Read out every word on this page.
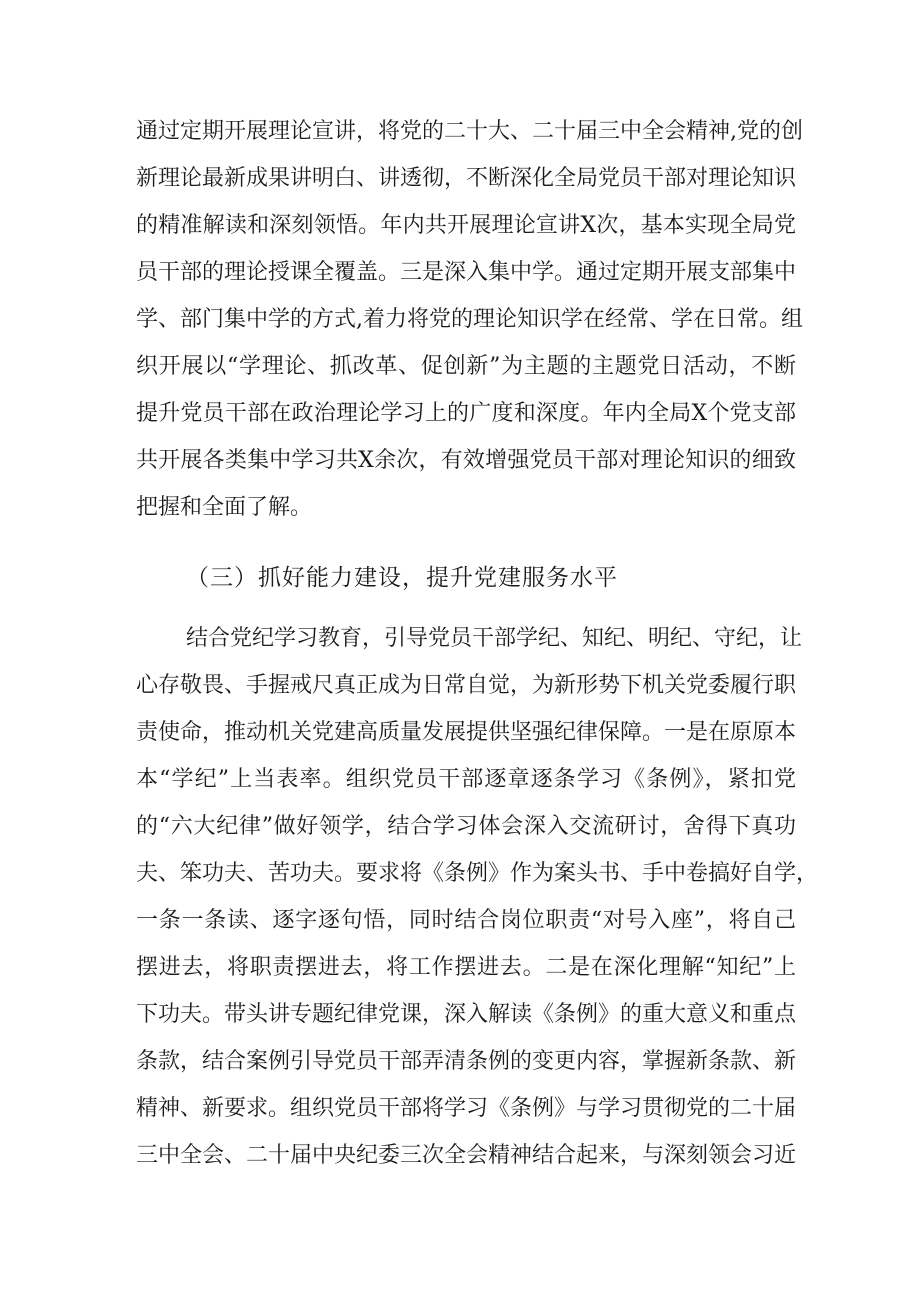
通过定期开展理论宣讲，将党的二十大、二十届三中全会精神,党的创
新理论最新成果讲明白、讲透彻，不断深化全局党员干部对理论知识
的精准解读和深刻领悟。年内共开展理论宣讲X次，基本实现全局党
员干部的理论授课全覆盖。三是深入集中学。通过定期开展支部集中
学、部门集中学的方式,着力将党的理论知识学在经常、学在日常。组
织开展以“学理论、抓改革、促创新”为主题的主题党日活动，不断
提升党员干部在政治理论学习上的广度和深度。年内全局X个党支部
共开展各类集中学习共X余次，有效增强党员干部对理论知识的细致
把握和全面了解。
（三）抓好能力建设，提升党建服务水平
结合党纪学习教育，引导党员干部学纪、知纪、明纪、守纪，让
心存敬畏、手握戒尺真正成为日常自觉，为新形势下机关党委履行职
责使命，推动机关党建高质量发展提供坚强纪律保障。一是在原原本
本“学纪”上当表率。组织党员干部逐章逐条学习《条例》，紧扣党
的“六大纪律”做好领学，结合学习体会深入交流研讨，舍得下真功
夫、笨功夫、苦功夫。要求将《条例》作为案头书、手中卷搞好自学，
一条一条读、逐字逐句悟，同时结合岗位职责“对号入座”，将自己
摆进去，将职责摆进去，将工作摆进去。二是在深化理解“知纪”上
下功夫。带头讲专题纪律党课，深入解读《条例》的重大意义和重点
条款，结合案例引导党员干部弄清条例的变更内容，掌握新条款、新
精神、新要求。组织党员干部将学习《条例》与学习贯彻党的二十届
三中全会、二十届中央纪委三次全会精神结合起来，与深刻领会习近
